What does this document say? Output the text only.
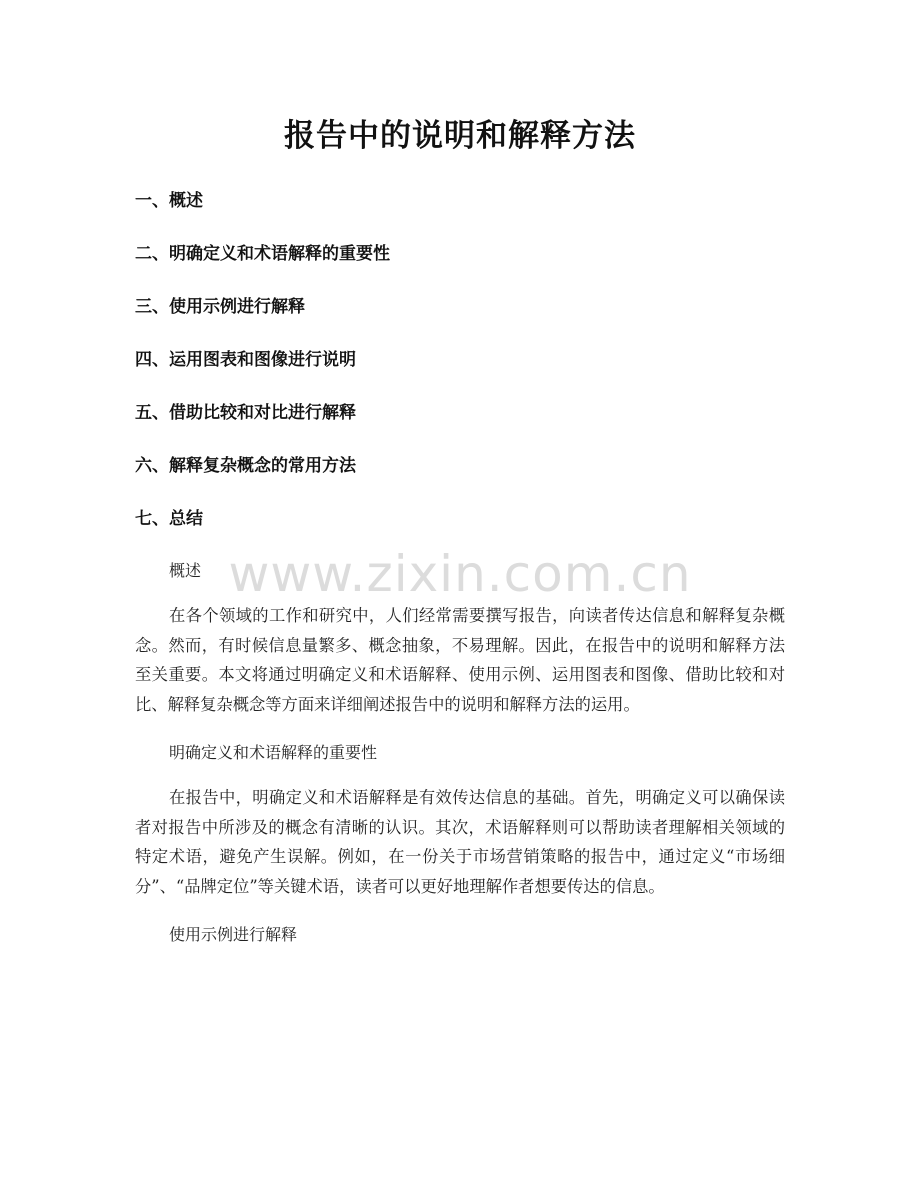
www.zixin.com.cn
报告中的说明和解释方法
一、概述
二、明确定义和术语解释的重要性
三、使用示例进行解释
四、运用图表和图像进行说明
五、借助比较和对比进行解释
六、解释复杂概念的常用方法
七、总结

概述

在各个领域的工作和研究中，人们经常需要撰写报告，向读者传达信息和解释复杂概念。然而，有时候信息量繁多、概念抽象，不易理解。因此，在报告中的说明和解释方法至关重要。本文将通过明确定义和术语解释、使用示例、运用图表和图像、借助比较和对比、解释复杂概念等方面来详细阐述报告中的说明和解释方法的运用。

明确定义和术语解释的重要性

在报告中，明确定义和术语解释是有效传达信息的基础。首先，明确定义可以确保读者对报告中所涉及的概念有清晰的认识。其次，术语解释则可以帮助读者理解相关领域的特定术语，避免产生误解。例如，在一份关于市场营销策略的报告中，通过定义“市场细分”、“品牌定位”等关键术语，读者可以更好地理解作者想要传达的信息。

使用示例进行解释
